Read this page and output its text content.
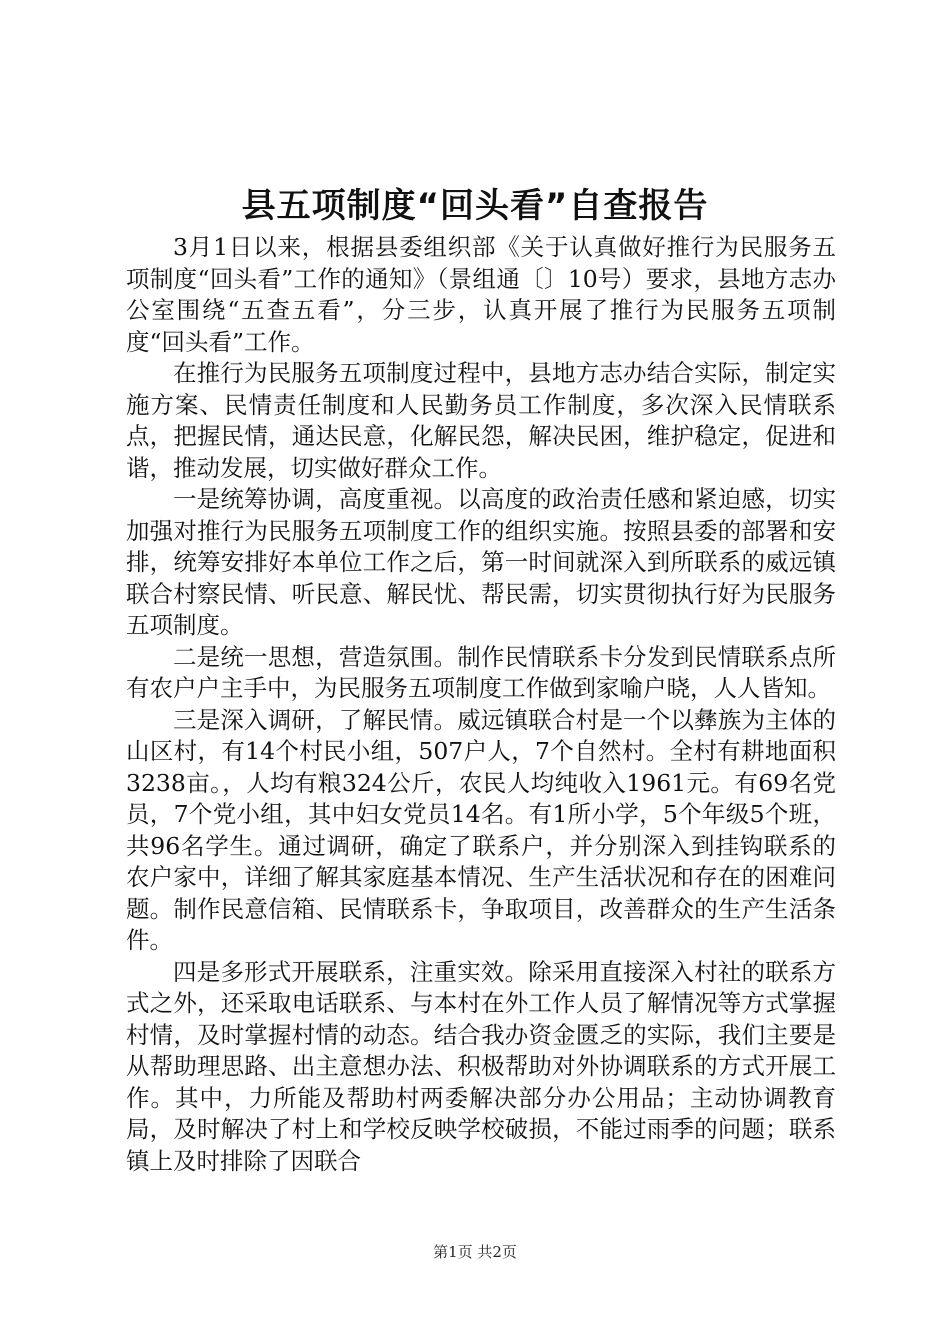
县五项制度“回头看”自查报告

3月1日以来，根据县委组织部《关于认真做好推行为民服务五项制度“回头看”工作的通知》（景组通〔〕10号）要求，县地方志办公室围绕“五查五看”，分三步，认真开展了推行为民服务五项制度“回头看”工作。

在推行为民服务五项制度过程中，县地方志办结合实际，制定实施方案、民情责任制度和人民勤务员工作制度，多次深入民情联系点，把握民情，通达民意，化解民怨，解决民困，维护稳定，促进和谐，推动发展，切实做好群众工作。

一是统筹协调，高度重视。以高度的政治责任感和紧迫感，切实加强对推行为民服务五项制度工作的组织实施。按照县委的部署和安排，统筹安排好本单位工作之后，第一时间就深入到所联系的威远镇联合村察民情、听民意、解民忧、帮民需，切实贯彻执行好为民服务五项制度。

二是统一思想，营造氛围。制作民情联系卡分发到民情联系点所有农户户主手中，为民服务五项制度工作做到家喻户晓，人人皆知。

三是深入调研，了解民情。威远镇联合村是一个以彝族为主体的山区村，有14个村民小组，507户人，7个自然村。全村有耕地面积3238亩。，人均有粮324公斤，农民人均纯收入1961元。有69名党员，7个党小组，其中妇女党员14名。有1所小学，5个年级5个班，共96名学生。通过调研，确定了联系户，并分别深入到挂钩联系的农户家中，详细了解其家庭基本情况、生产生活状况和存在的困难问题。制作民意信箱、民情联系卡，争取项目，改善群众的生产生活条件。

四是多形式开展联系，注重实效。除采用直接深入村社的联系方式之外，还采取电话联系、与本村在外工作人员了解情况等方式掌握村情，及时掌握村情的动态。结合我办资金匮乏的实际，我们主要是从帮助理思路、出主意想办法、积极帮助对外协调联系的方式开展工作。其中，力所能及帮助村两委解决部分办公用品；主动协调教育局，及时解决了村上和学校反映学校破损，不能过雨季的问题；联系镇上及时排除了因联合

第1页 共2页
